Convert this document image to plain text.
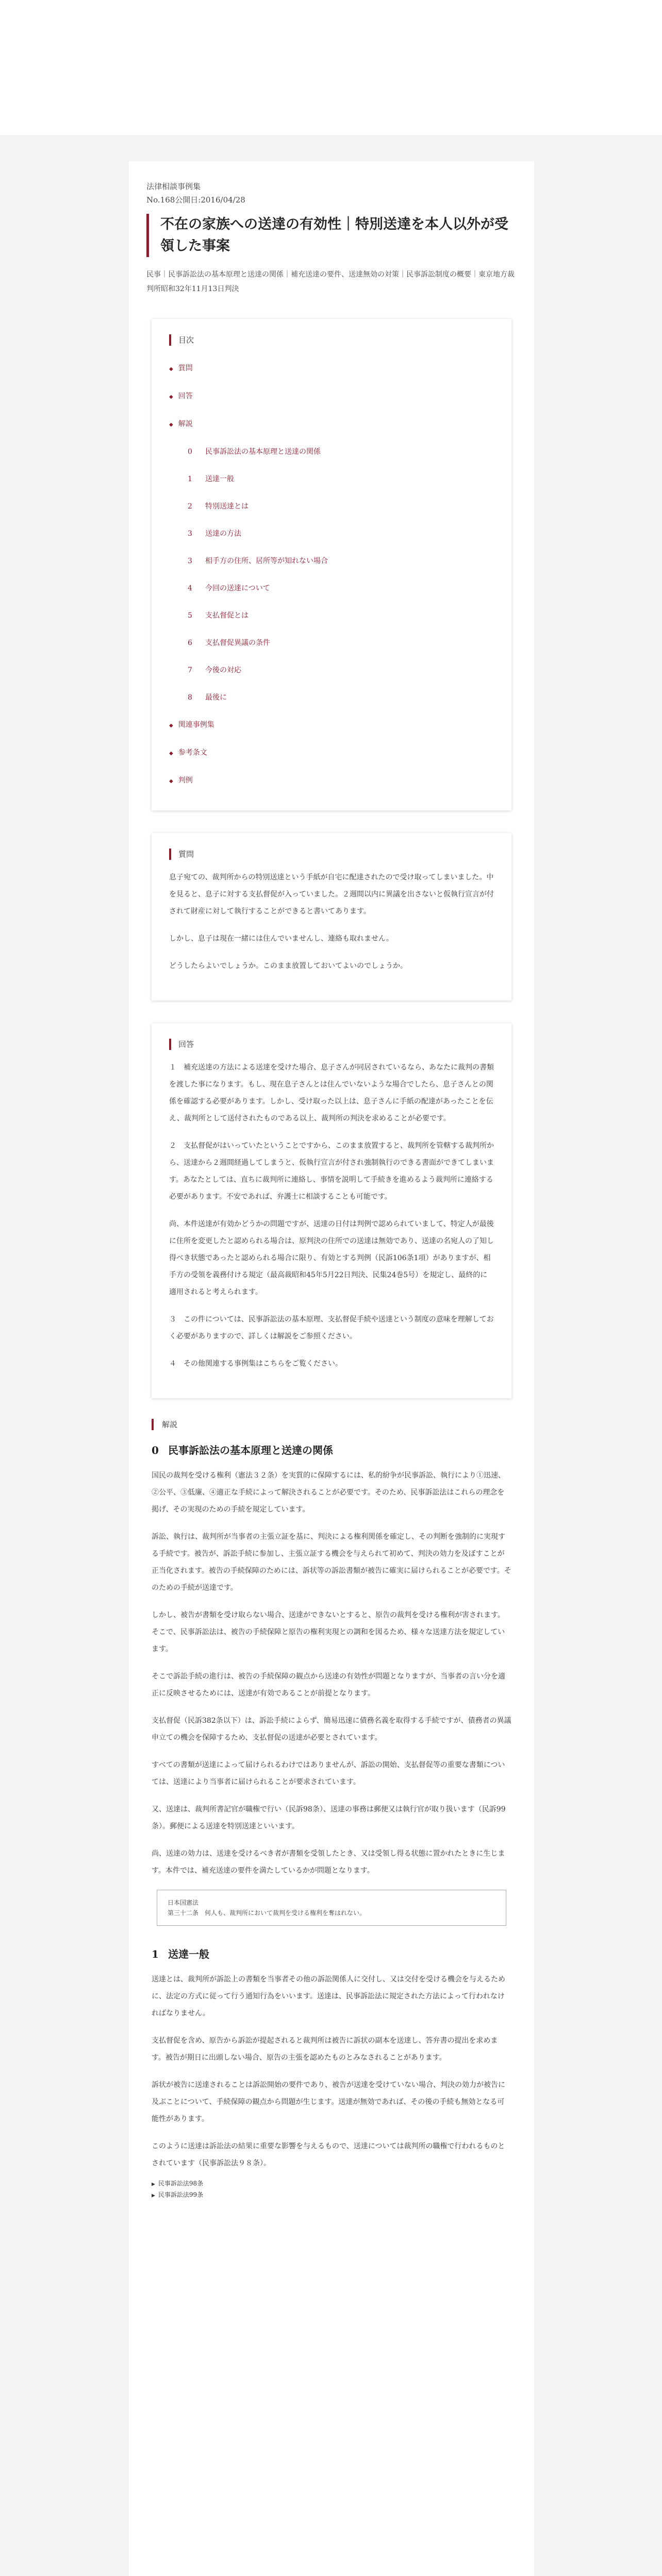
法律相談事例集
No.168公開日:2016/04/28
不在の家族への送達の有効性｜特別送達を本人以外が受領した事案
民事｜民事訴訟法の基本原理と送達の関係｜補充送達の要件、送達無効の対策｜民事訴訟制度の概要｜東京地方裁判所昭和32年11月13日判決
目次
◆ 質問
◆ 回答
◆ 解説
0 民事訴訟法の基本原理と送達の関係
1 送達一般
2 特別送達とは
3 送達の方法
3 相手方の住所、居所等が知れない場合
4 今回の送達について
5 支払督促とは
6 支払督促異議の条件
7 今後の対応
8 最後に
◆ 関連事例集
◆ 参考条文
◆ 判例
質問

息子宛ての、裁判所からの特別送達という手紙が自宅に配達されたので受け取ってしまいました。中を見ると、息子に対する支払督促が入っていました。２週間以内に異議を出さないと仮執行宣言が付されて財産に対して執行することができると書いてあります。

しかし、息子は現在一緒には住んでいませんし、連絡も取れません。

どうしたらよいでしょうか。このまま放置しておいてよいのでしょうか。

回答

１　補充送達の方法による送達を受けた場合、息子さんが同居されているなら、あなたに裁判の書類を渡した事になります。もし、現在息子さんとは住んでいないような場合でしたら、息子さんとの関係を確認する必要があります。しかし、受け取った以上は、息子さんに手紙の配達があったことを伝え、裁判所として送付されたものである以上、裁判所の判決を求めることが必要です。

２　支払督促がはいっていたということですから、このまま放置すると、裁判所を管轄する裁判所から、送達から２週間経過してしまうと、仮執行宣言が付され強制執行のできる書面ができてしまいます。あなたとしては、直ちに裁判所に連絡し、事情を説明して手続きを進めるよう裁判所に連絡する必要があります。不安であれば、弁護士に相談することも可能です。

尚、本件送達が有効かどうかの問題ですが、送達の日付は判例で認められていまして、特定人が最後に住所を変更したと認められる場合は、原判決の住所での送達は無効であり、送達の名宛人の了知し得べき状態であったと認められる場合に限り、有効とする判例（民訴106条1項）がありますが、相手方の受領を義務付ける規定（最高裁昭和45年5月22日判決、民集24巻5号）を規定し、最終的に適用されると考えられます。

３　この件については、民事訴訟法の基本原理、支払督促手続や送達という制度の意味を理解しておく必要がありますので、詳しくは解説をご参照ください。

４　その他関連する事例集はこちらをご覧ください。

解説
0 民事訴訟法の基本原理と送達の関係

国民の裁判を受ける権利（憲法３２条）を実質的に保障するには、私的紛争が民事訴訟、執行により①迅速、②公平、③低廉、④適正な手続によって解決されることが必要です。そのため、民事訴訟法はこれらの理念を掲げ、その実現のための手続を規定しています。

訴訟、執行は、裁判所が当事者の主張立証を基に、判決による権利関係を確定し、その判断を強制的に実現する手続です。被告が、訴訟手続に参加し、主張立証する機会を与えられて初めて、判決の効力を及ぼすことが正当化されます。被告の手続保障のためには、訴状等の訴訟書類が被告に確実に届けられることが必要です。そのための手続が送達です。

しかし、被告が書類を受け取らない場合、送達ができないとすると、原告の裁判を受ける権利が害されます。そこで、民事訴訟法は、被告の手続保障と原告の権利実現との調和を図るため、様々な送達方法を規定しています。

そこで訴訟手続の進行は、被告の手続保障の観点から送達の有効性が問題となりますが、当事者の言い分を適正に反映させるためには、送達が有効であることが前提となります。

支払督促（民訴382条以下）は、訴訟手続によらず、簡易迅速に債務名義を取得する手続ですが、債務者の異議申立ての機会を保障するため、支払督促の送達が必要とされています。

すべての書類が送達によって届けられるわけではありませんが、訴訟の開始、支払督促等の重要な書類については、送達により当事者に届けられることが要求されています。

又、送達は、裁判所書記官が職権で行い（民訴98条）、送達の事務は郵便又は執行官が取り扱います（民訴99条）。郵便による送達を特別送達といいます。

尚、送達の効力は、送達を受けるべき者が書類を受領したとき、又は受領し得る状態に置かれたときに生じます。本件では、補充送達の要件を満たしているかが問題となります。

日本国憲法
第三十二条　何人も、裁判所において裁判を受ける権利を奪はれない。
1 送達一般

送達とは、裁判所が訴訟上の書類を当事者その他の訴訟関係人に交付し、又は交付を受ける機会を与えるために、法定の方式に従って行う通知行為をいいます。送達は、民事訴訟法に規定された方法によって行われなければなりません。

支払督促を含め、原告から訴訟が提起されると裁判所は被告に訴状の副本を送達し、答弁書の提出を求めます。被告が期日に出頭しない場合、原告の主張を認めたものとみなされることがあります。

訴状が被告に送達されることは訴訟開始の要件であり、被告が送達を受けていない場合、判決の効力が被告に及ぶことについて、手続保障の観点から問題が生じます。送達が無効であれば、その後の手続も無効となる可能性があります。

このように送達は訴訟法の結果に重要な影響を与えるもので、送達については裁判所の職権で行われるものとされています（民事訴訟法９８条）。

▶ 民事訴訟法98条
▶ 民事訴訟法99条
